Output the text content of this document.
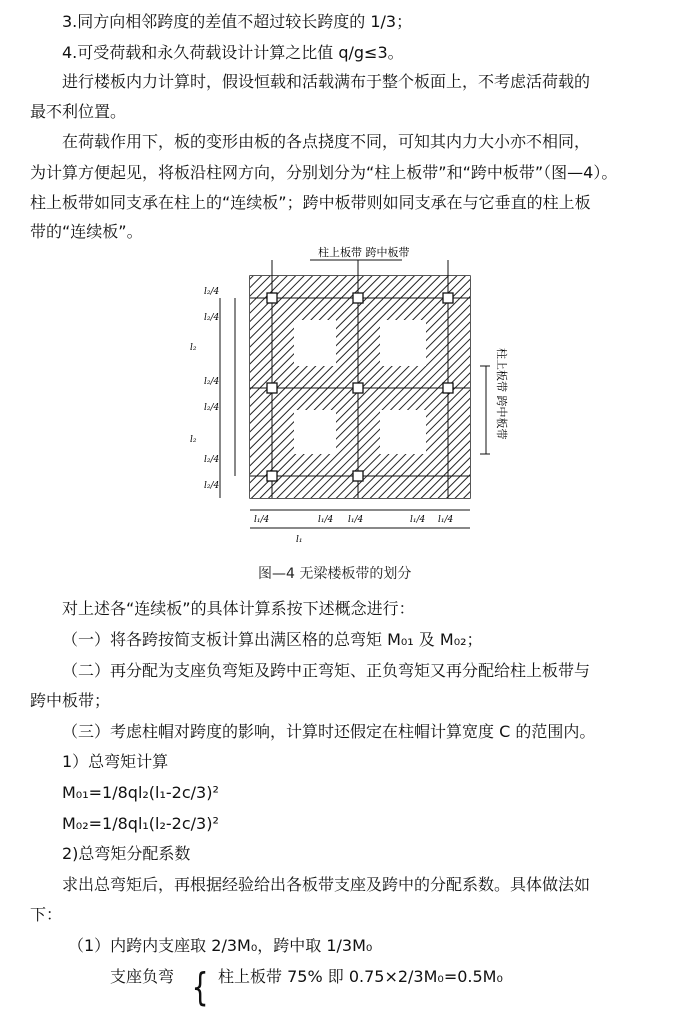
3.同方向相邻跨度的差值不超过较长跨度的 1/3；
4.可受荷载和永久荷载设计计算之比值 q/g≤3。
进行楼板内力计算时，假设恒载和活载满布于整个板面上，不考虑活荷载的
最不利位置。
在荷载作用下，板的变形由板的各点挠度不同，可知其内力大小亦不相同，
为计算方便起见，将板沿柱网方向，分别划分为“柱上板带”和“跨中板带”（图—4）。
柱上板带如同支承在柱上的“连续板”；跨中板带则如同支承在与它垂直的柱上板
带的“连续板”。
柱上板带 跨中板带
柱上板带 跨中板带
l₂/4
l₂/4
l₂
l₂/4
l₂/4
l₂
l₂/4
l₂/4
l₁/4	l₁/4 l₁/4	l₁/4 l₁/4
l₁
图—4 无梁楼板带的划分
对上述各“连续板”的具体计算系按下述概念进行：
（一）将各跨按简支板计算出满区格的总弯矩 M₀₁ 及 M₀₂；
（二）再分配为支座负弯矩及跨中正弯矩、正负弯矩又再分配给柱上板带与
跨中板带；
（三）考虑柱帽对跨度的影响，计算时还假定在柱帽计算宽度 C 的范围内。
1）总弯矩计算
M₀₁=1/8ql₂(l₁-2c/3)²
M₀₂=1/8ql₁(l₂-2c/3)²
2)总弯矩分配系数
求出总弯矩后，再根据经验给出各板带支座及跨中的分配系数。具体做法如
下：
（1）内跨内支座取 2/3M₀，跨中取 1/3M₀
支座负弯 { 柱上板带 75% 即 0.75×2/3M₀=0.5M₀
